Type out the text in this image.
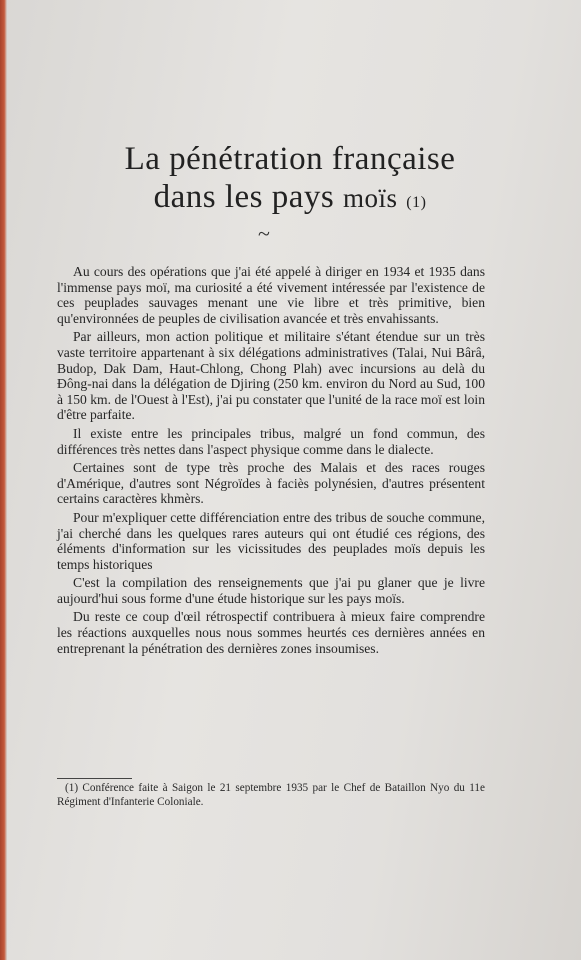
La pénétration française
dans les pays moïs $^{(1)}$
~

Au cours des opérations que j'ai été appelé à diriger en 1934 et 1935 dans l'immense pays moï, ma curiosité a été vivement intéressée par l'existence de ces peuplades sauvages menant une vie libre et très primitive, bien qu'environnées de peuples de civilisation avancée et très envahissants.

Par ailleurs, mon action politique et militaire s'étant étendue sur un très vaste territoire appartenant à six délégations administratives (Talai, Nui Bârâ, Budop, Dak Dam, Haut-Chlong, Chong Plah) avec incursions au delà du Đông-nai dans la délégation de Djiring (250 km. environ du Nord au Sud, 100 à 150 km. de l'Ouest à l'Est), j'ai pu constater que l'unité de la race moï est loin d'être parfaite.

Il existe entre les principales tribus, malgré un fond commun, des différences très nettes dans l'aspect physique comme dans le dialecte.

Certaines sont de type très proche des Malais et des races rouges d'Amérique, d'autres sont Négroïdes à faciès polynésien, d'autres présentent certains caractères khmèrs.

Pour m'expliquer cette différenciation entre des tribus de souche commune, j'ai cherché dans les quelques rares auteurs qui ont étudié ces régions, des éléments d'information sur les vicissitudes des peuplades moïs depuis les temps historiques

C'est la compilation des renseignements que j'ai pu glaner que je livre aujourd'hui sous forme d'une étude historique sur les pays moïs.

Du reste ce coup d'œil rétrospectif contribuera à mieux faire comprendre les réactions auxquelles nous nous sommes heurtés ces dernières années en entreprenant la pénétration des dernières zones insoumises.

(1) Conférence faite à Saigon le 21 septembre 1935 par le Chef de Bataillon Nyo du 11e Régiment d'Infanterie Coloniale.
